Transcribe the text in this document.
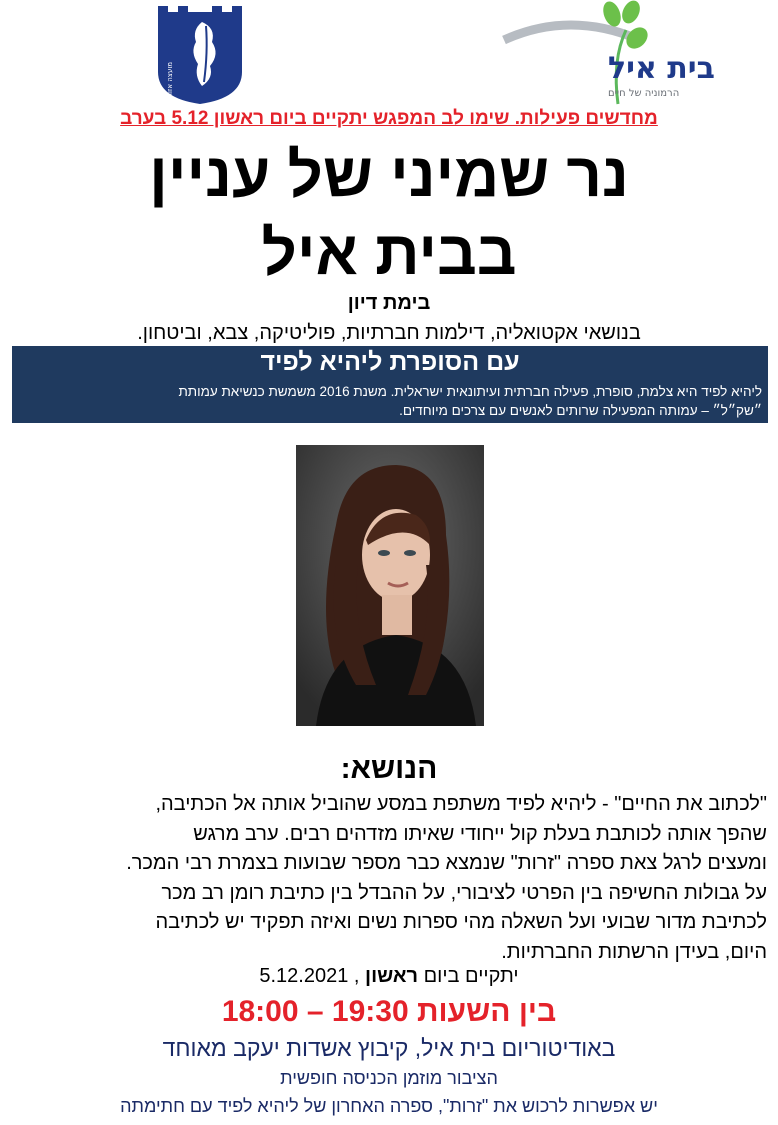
מועצה אזורית עמק הירדן	בית איל
הרמוניה של חיים
מחדשים פעילות. שימו לב המפגש יתקיים ביום ראשון 5.12 בערב
נר שמיני של עניין
בבית איל
בימת דיון
בנושאי אקטואליה, דילמות חברתיות, פוליטיקה, צבא, וביטחון.
עם הסופרת ליהיא לפיד
ליהיא לפיד היא צלמת, סופרת, פעילה חברתית ועיתונאית ישראלית. משנת 2016 משמשת כנשיאת עמותת
״שק״ל״ – עמותה המפעילה שרותים לאנשים עם צרכים מיוחדים.
הנושא:
"לכתוב את החיים" - ליהיא לפיד משתפת במסע שהוביל אותה אל הכתיבה,
שהפך אותה לכותבת בעלת קול ייחודי שאיתו מזדהים רבים. ערב מרגש
ומעצים לרגל צאת ספרה "זרות" שנמצא כבר מספר שבועות בצמרת רבי המכר.
על גבולות החשיפה בין הפרטי לציבורי, על ההבדל בין כתיבת רומן רב מכר
לכתיבת מדור שבועי ועל השאלה מהי ספרות נשים ואיזה תפקיד יש לכתיבה
היום, בעידן הרשתות החברתיות.
יתקיים ביום ראשון , 5.12.2021
בין השעות 19:30 – 18:00
באודיטוריום בית איל, קיבוץ אשדות יעקב מאוחד
הציבור מוזמן הכניסה חופשית
יש אפשרות לרכוש את "זרות", ספרה האחרון של ליהיא לפיד עם חתימתה
